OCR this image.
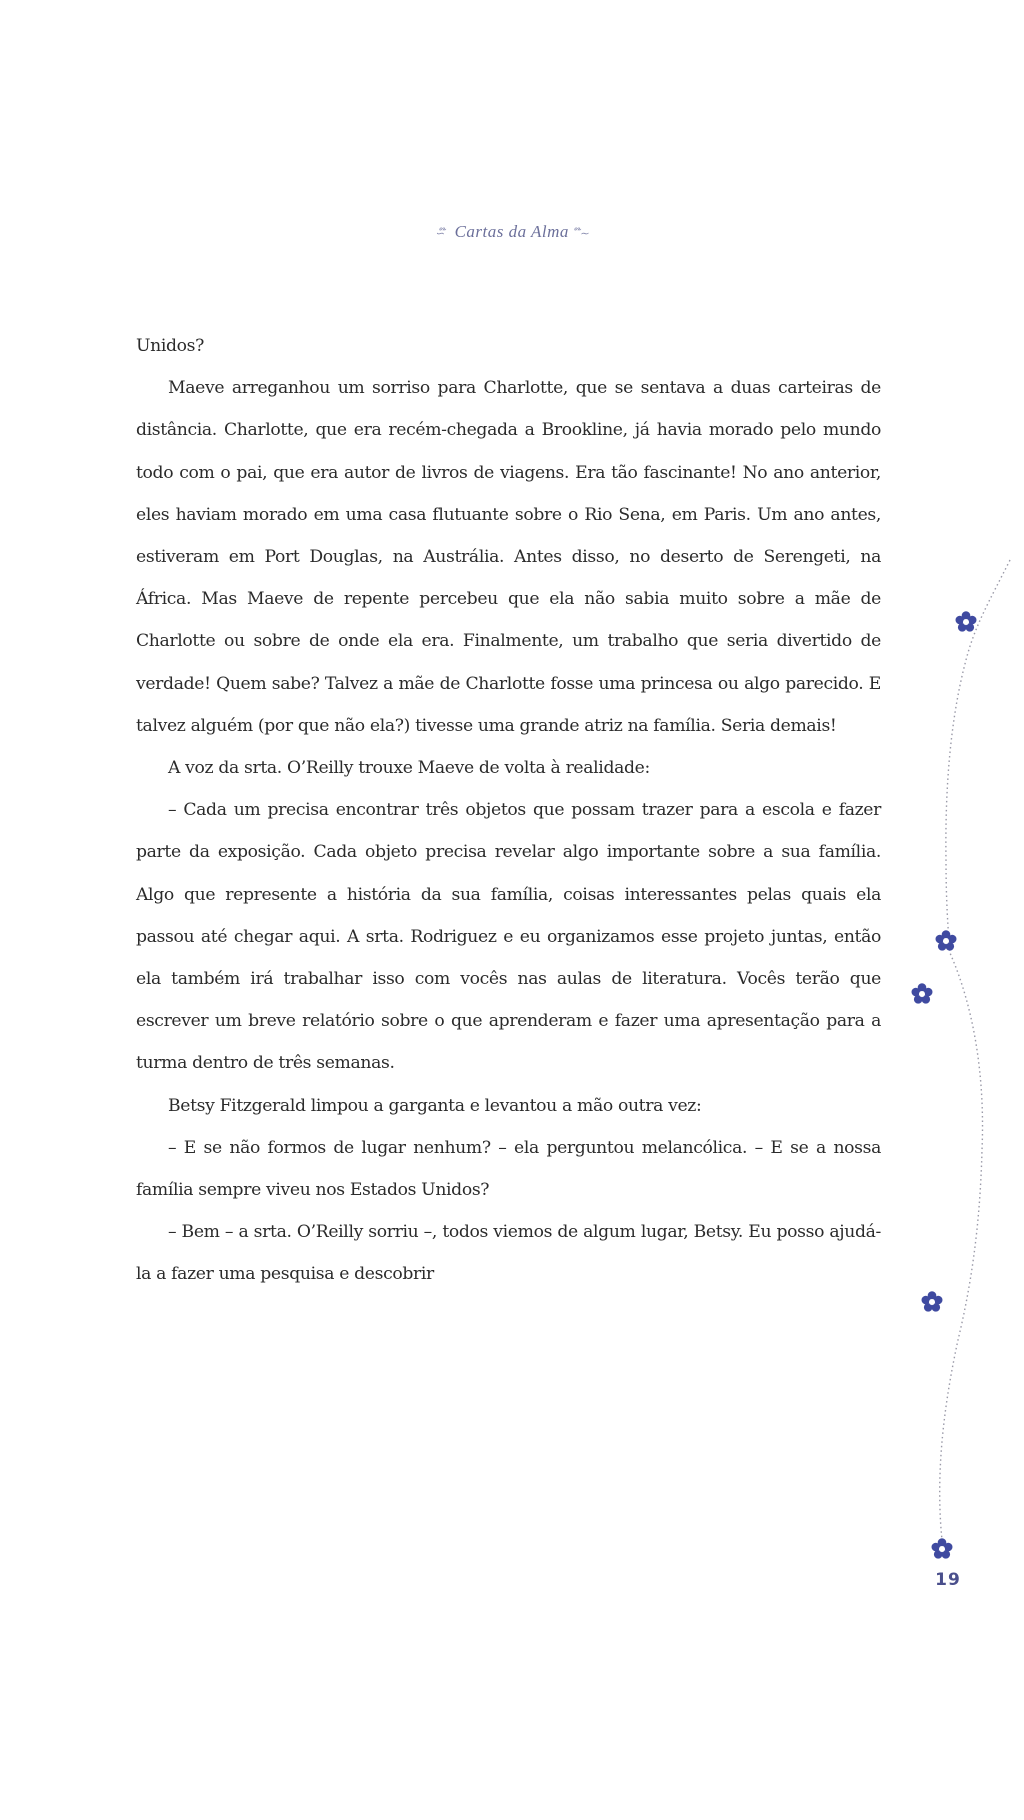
∽໊ Cartas da Alma ໊∼

Unidos?

Maeve arreganhou um sorriso para Charlotte, que se sentava a duas carteiras de distância. Charlotte, que era recém-chegada a Brookline, já havia morado pelo mundo todo com o pai, que era autor de livros de viagens. Era tão fascinante! No ano anterior, eles haviam morado em uma casa flutuante sobre o Rio Sena, em Paris. Um ano antes, estiveram em Port Douglas, na Austrália. Antes disso, no deserto de Serengeti, na África. Mas Maeve de repente percebeu que ela não sabia muito sobre a mãe de Charlotte ou sobre de onde ela era. Finalmente, um trabalho que seria divertido de verdade! Quem sabe? Talvez a mãe de Charlotte fosse uma princesa ou algo parecido. E talvez alguém (por que não ela?) tivesse uma grande atriz na família. Seria demais!

A voz da srta. O’Reilly trouxe Maeve de volta à realidade:

– Cada um precisa encontrar três objetos que possam trazer para a escola e fazer parte da exposição. Cada objeto precisa revelar algo importante sobre a sua família. Algo que represente a história da sua família, coisas interessantes pelas quais ela passou até chegar aqui. A srta. Rodriguez e eu organizamos esse projeto juntas, então ela também irá trabalhar isso com vocês nas aulas de literatura. Vocês terão que escrever um breve relatório sobre o que aprenderam e fazer uma apresentação para a turma dentro de três semanas.

Betsy Fitzgerald limpou a garganta e levantou a mão outra vez:

– E se não formos de lugar nenhum? – ela perguntou melancólica. – E se a nossa família sempre viveu nos Estados Unidos?

– Bem – a srta. O’Reilly sorriu –, todos viemos de algum lugar, Betsy. Eu posso ajudá-la a fazer uma pesquisa e descobrir

19
